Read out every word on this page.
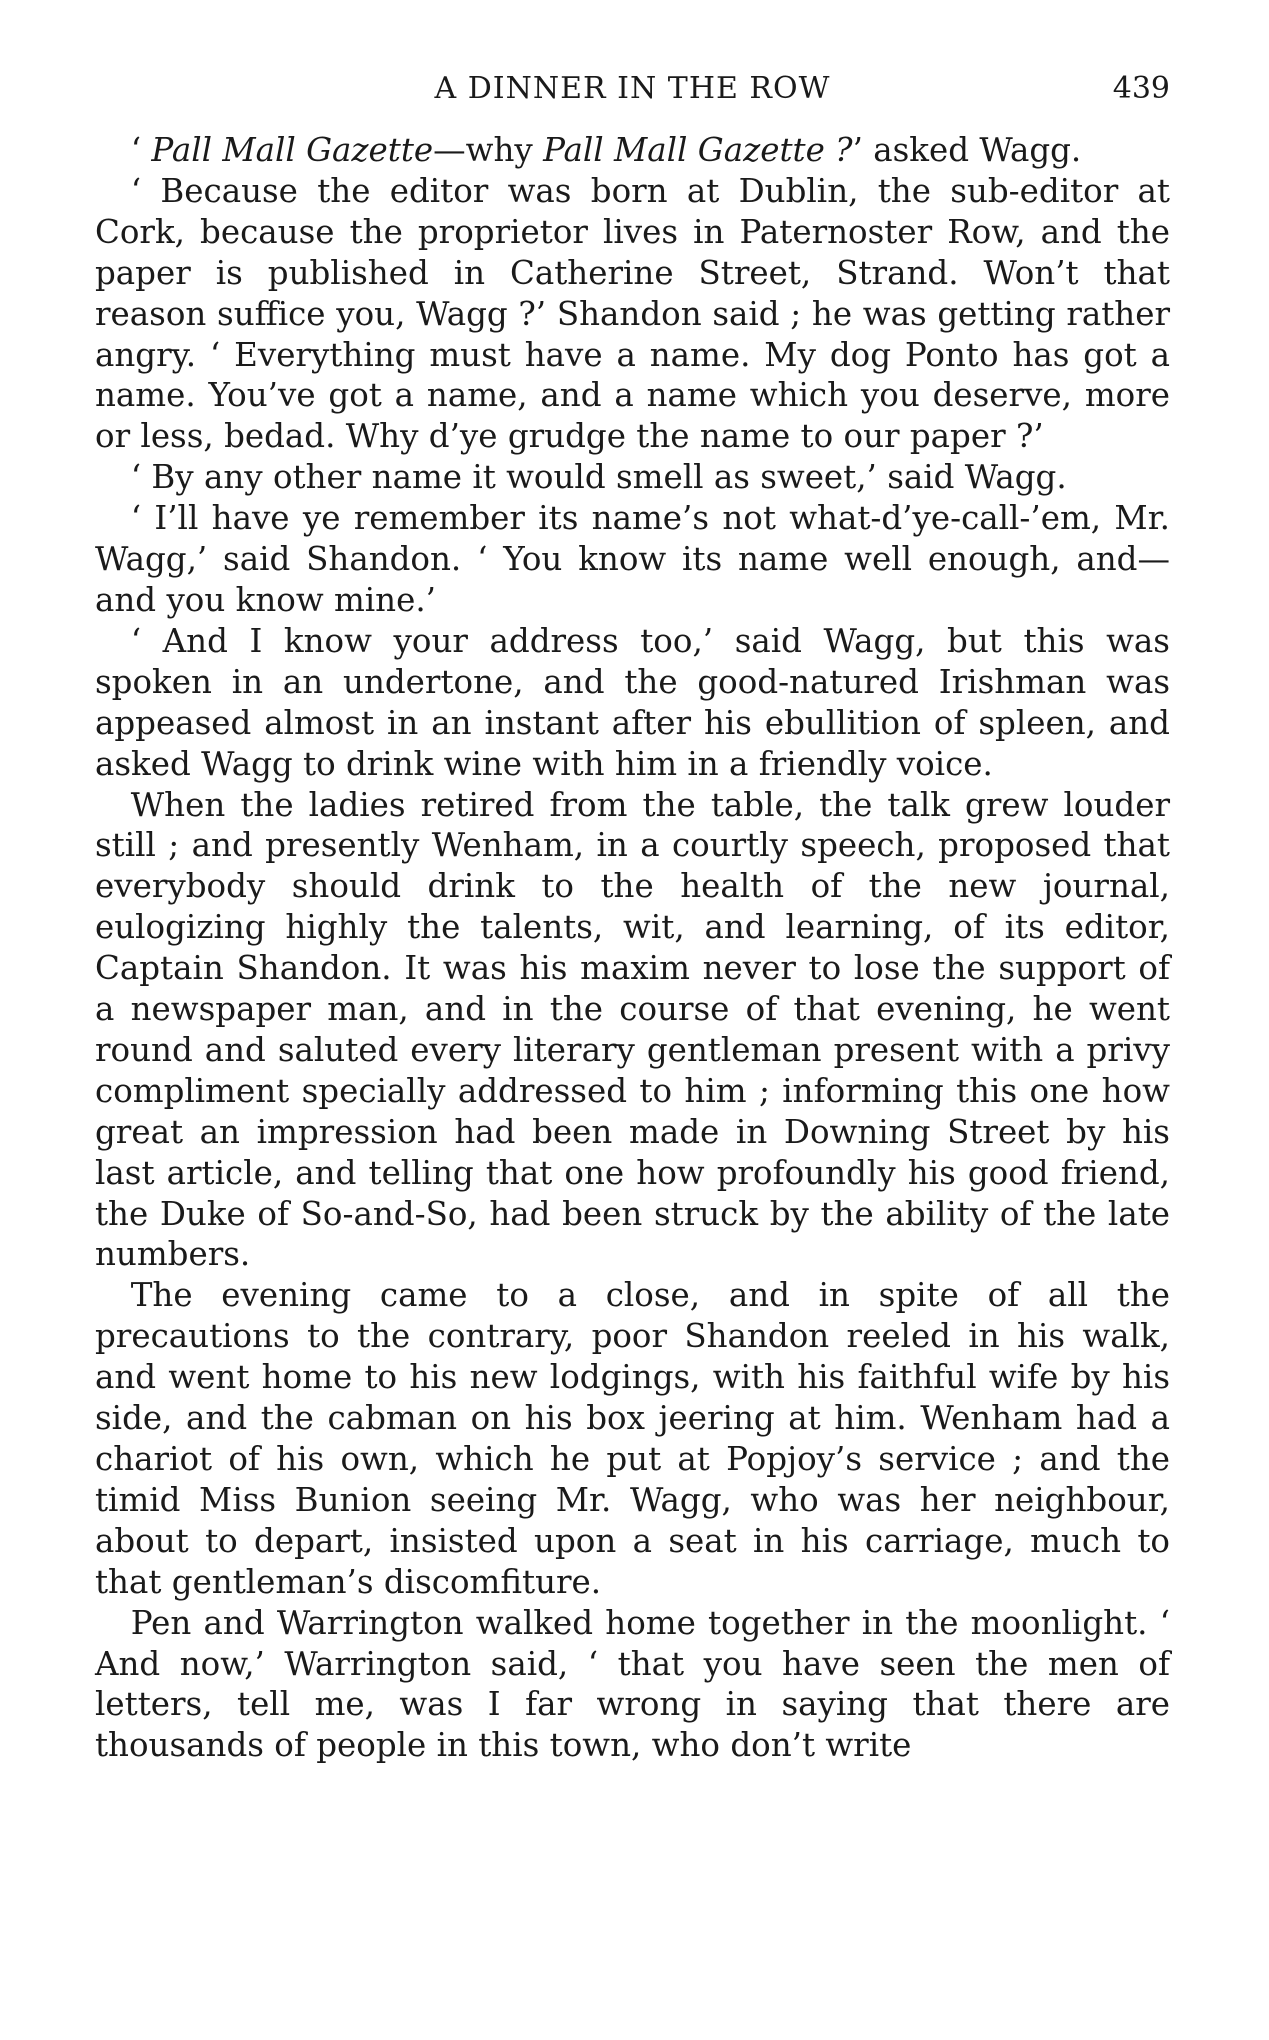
A DINNER IN THE ROW	439

‘ Pall Mall Gazette—why Pall Mall Gazette ?’ asked Wagg.

‘ Because the editor was born at Dublin, the sub-editor at Cork, because the proprietor lives in Paternoster Row, and the paper is published in Catherine Street, Strand. Won’t that reason suffice you, Wagg ?’ Shandon said ; he was getting rather angry. ‘ Everything must have a name. My dog Ponto has got a name. You’ve got a name, and a name which you deserve, more or less, bedad. Why d’ye grudge the name to our paper ?’

‘ By any other name it would smell as sweet,’ said Wagg.

‘ I’ll have ye remember its name’s not what-d’ye-call-’em, Mr. Wagg,’ said Shandon. ‘ You know its name well enough, and—and you know mine.’

‘ And I know your address too,’ said Wagg, but this was spoken in an undertone, and the good-natured Irishman was appeased almost in an instant after his ebullition of spleen, and asked Wagg to drink wine with him in a friendly voice.

When the ladies retired from the table, the talk grew louder still ; and presently Wenham, in a courtly speech, proposed that everybody should drink to the health of the new journal, eulogizing highly the talents, wit, and learning, of its editor, Captain Shandon. It was his maxim never to lose the support of a newspaper man, and in the course of that evening, he went round and saluted every literary gentleman present with a privy compliment specially addressed to him ; informing this one how great an impression had been made in Downing Street by his last article, and telling that one how profoundly his good friend, the Duke of So-and-So, had been struck by the ability of the late numbers.

The evening came to a close, and in spite of all the precautions to the contrary, poor Shandon reeled in his walk, and went home to his new lodgings, with his faithful wife by his side, and the cabman on his box jeering at him. Wenham had a chariot of his own, which he put at Popjoy’s service ; and the timid Miss Bunion seeing Mr. Wagg, who was her neighbour, about to depart, insisted upon a seat in his carriage, much to that gentleman’s discomfiture.

Pen and Warrington walked home together in the moonlight. ‘ And now,’ Warrington said, ‘ that you have seen the men of letters, tell me, was I far wrong in saying that there are thousands of people in this town, who don’t write
